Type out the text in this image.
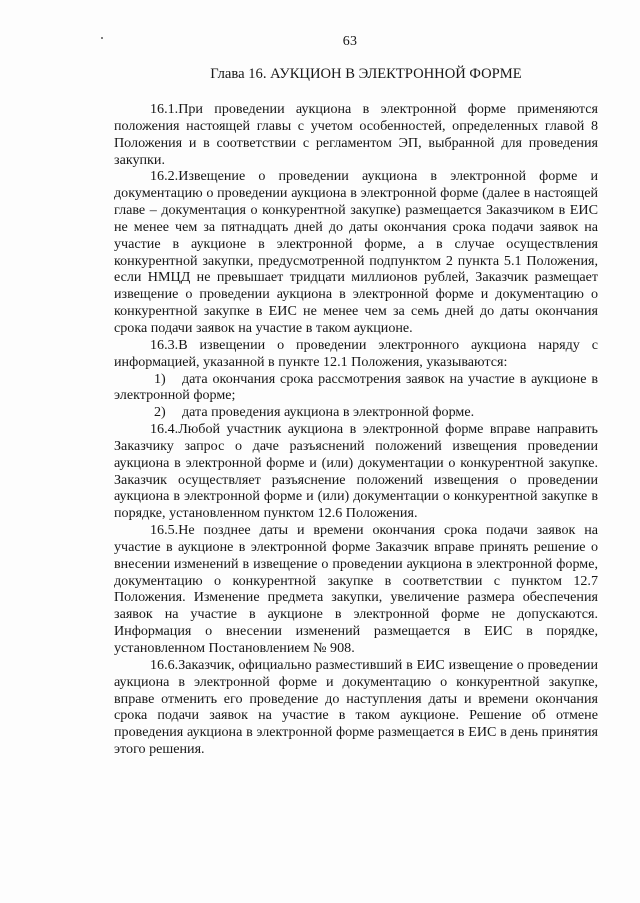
63
Глава 16. АУКЦИОН В ЭЛЕКТРОННОЙ ФОРМЕ

16.1.При проведении аукциона в электронной форме применяются положения настоящей главы с учетом особенностей, определенных главой 8 Положения и в соответствии с регламентом ЭП, выбранной для проведения закупки.

16.2.Извещение о проведении аукциона в электронной форме и документацию о проведении аукциона в электронной форме (далее в настоящей главе – документация о конкурентной закупке) размещается Заказчиком в ЕИС не менее чем за пятнадцать дней до даты окончания срока подачи заявок на участие в аукционе в электронной форме, а в случае осуществления конкурентной закупки, предусмотренной подпунктом 2 пункта 5.1 Положения, если НМЦД не превышает тридцати миллионов рублей, Заказчик размещает извещение о проведении аукциона в электронной форме и документацию о конкурентной закупке в ЕИС не менее чем за семь дней до даты окончания срока подачи заявок на участие в таком аукционе.

16.3.В извещении о проведении электронного аукциона наряду с информацией, указанной в пункте 12.1 Положения, указываются:

1) дата окончания срока рассмотрения заявок на участие в аукционе в электронной форме;

2) дата проведения аукциона в электронной форме.

16.4.Любой участник аукциона в электронной форме вправе направить Заказчику запрос о даче разъяснений положений извещения проведении аукциона в электронной форме и (или) документации о конкурентной закупке. Заказчик осуществляет разъяснение положений извещения о проведении аукциона в электронной форме и (или) документации о конкурентной закупке в порядке, установленном пунктом 12.6 Положения.

16.5.Не позднее даты и времени окончания срока подачи заявок на участие в аукционе в электронной форме Заказчик вправе принять решение о внесении изменений в извещение о проведении аукциона в электронной форме, документацию о конкурентной закупке в соответствии с пунктом 12.7 Положения. Изменение предмета закупки, увеличение размера обеспечения заявок на участие в аукционе в электронной форме не допускаются. Информация о внесении изменений размещается в ЕИС в порядке, установленном Постановлением № 908.

16.6.Заказчик, официально разместивший в ЕИС извещение о проведении аукциона в электронной форме и документацию о конкурентной закупке, вправе отменить его проведение до наступления даты и времени окончания срока подачи заявок на участие в таком аукционе. Решение об отмене проведения аукциона в электронной форме размещается в ЕИС в день принятия этого решения.
